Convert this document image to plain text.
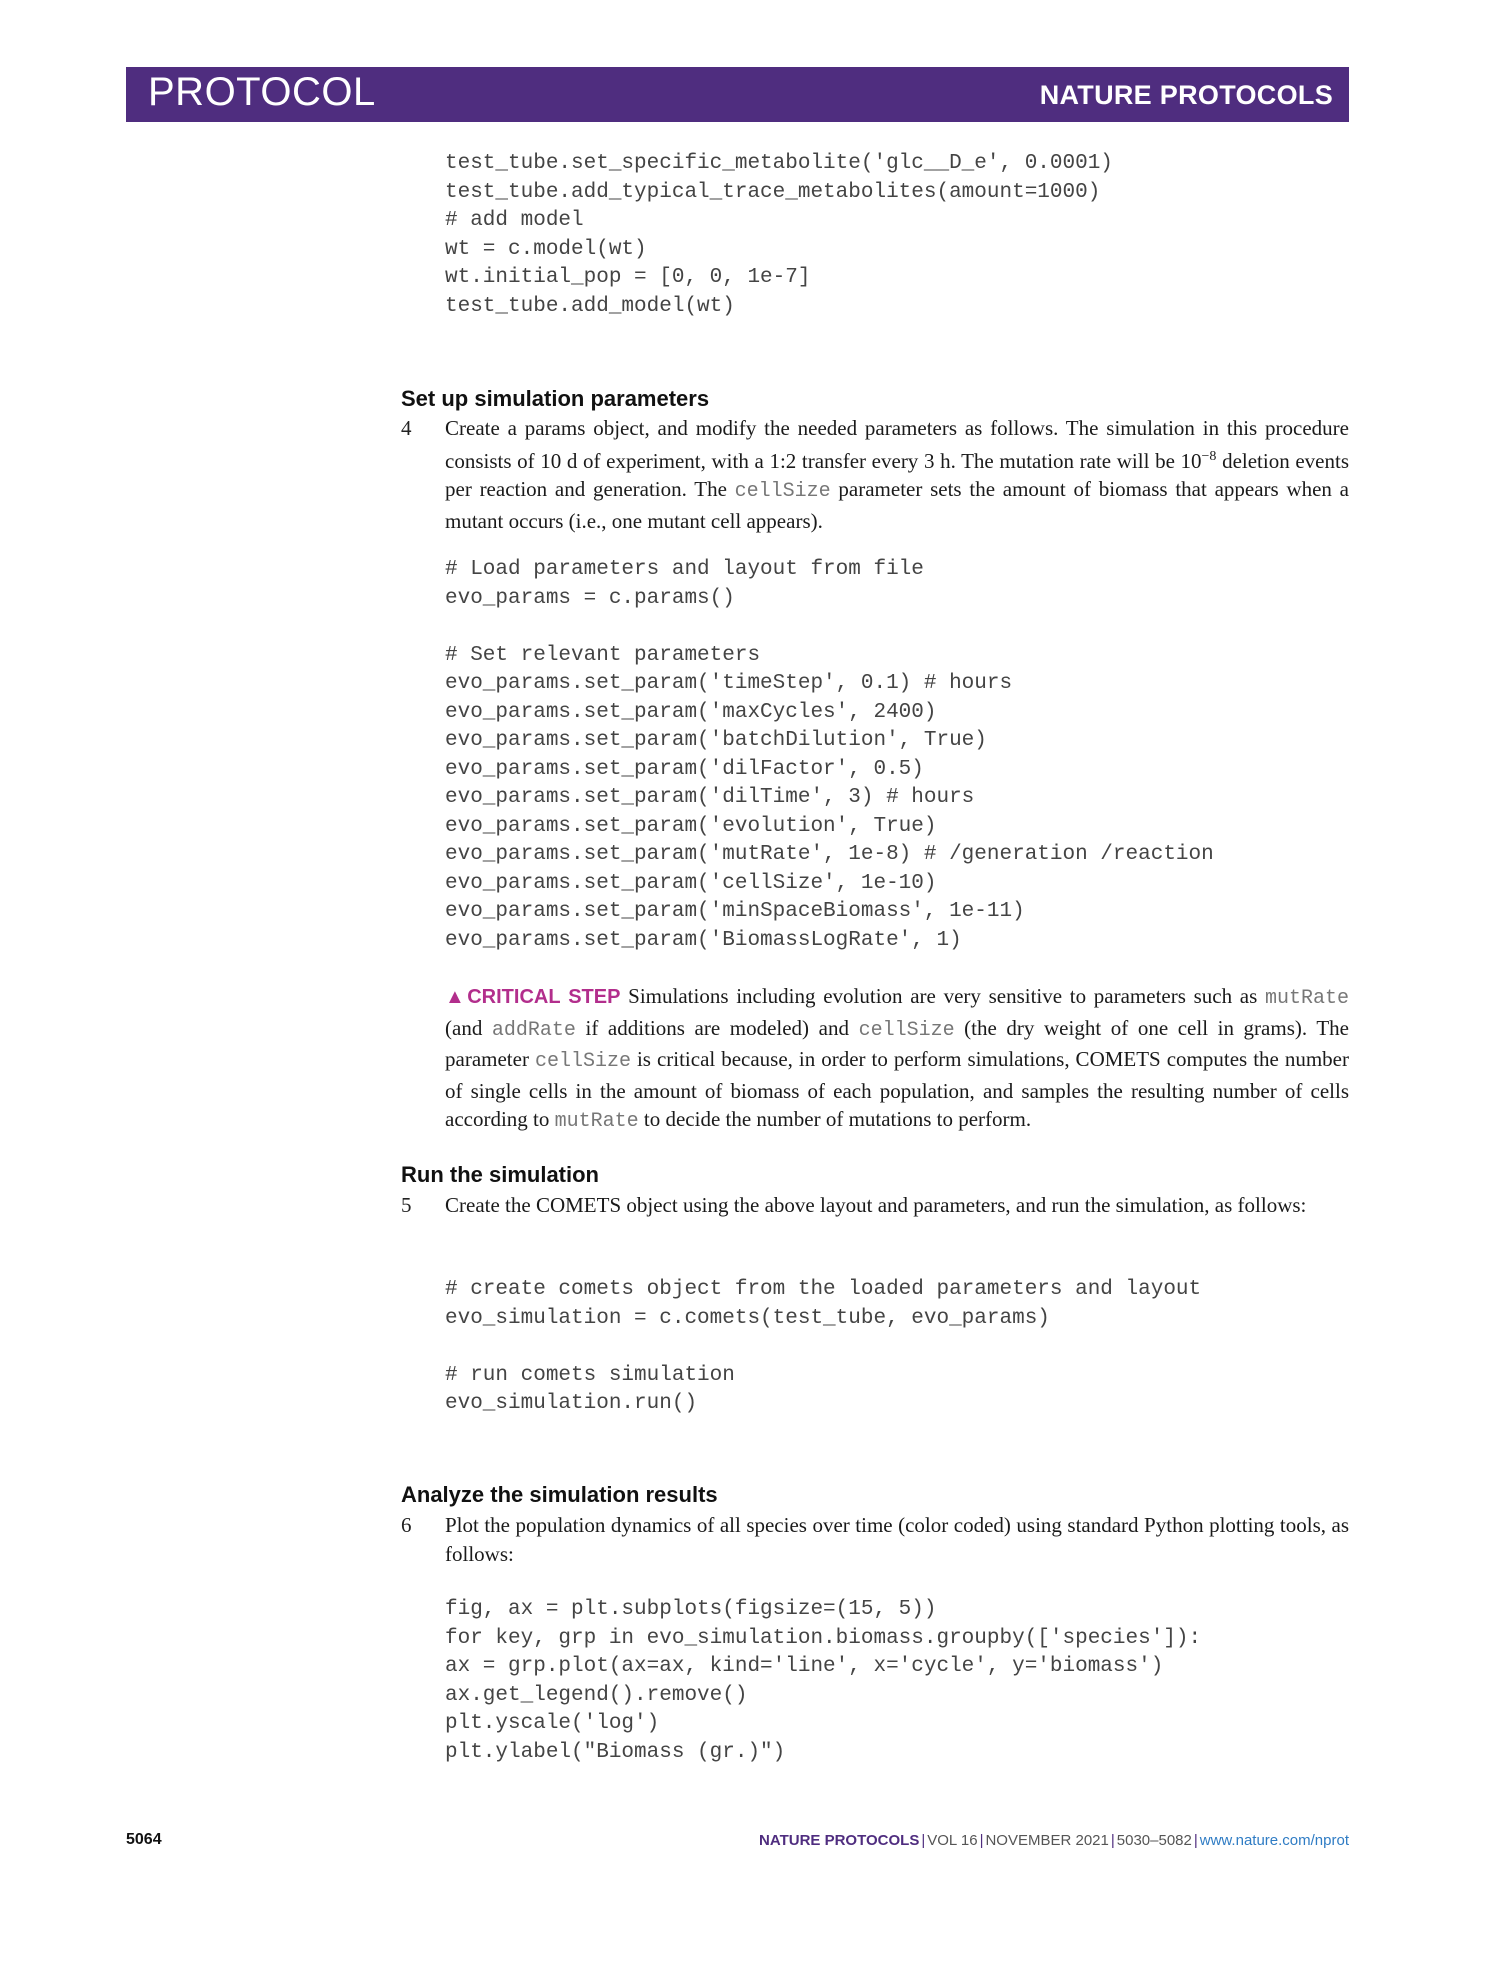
PROTOCOL	NATURE PROTOCOLS
test_tube.set_specific_metabolite('glc__D_e', 0.0001)
test_tube.add_typical_trace_metabolites(amount=1000)
# add model
wt = c.model(wt)
wt.initial_pop = [0, 0, 1e-7]
test_tube.add_model(wt)
Set up simulation parameters
4 Create a params object, and modify the needed parameters as follows. The simulation in this procedure consists of 10 d of experiment, with a 1:2 transfer every 3 h. The mutation rate will be $10^{-8}$ deletion events per reaction and generation. The cellSize parameter sets the amount of biomass that appears when a mutant occurs (i.e., one mutant cell appears).
# Load parameters and layout from file
evo_params = c.params()

# Set relevant parameters
evo_params.set_param('timeStep', 0.1) # hours
evo_params.set_param('maxCycles', 2400)
evo_params.set_param('batchDilution', True)
evo_params.set_param('dilFactor', 0.5)
evo_params.set_param('dilTime', 3) # hours
evo_params.set_param('evolution', True)
evo_params.set_param('mutRate', 1e-8) # /generation /reaction
evo_params.set_param('cellSize', 1e-10)
evo_params.set_param('minSpaceBiomass', 1e-11)
evo_params.set_param('BiomassLogRate', 1)
▲CRITICAL STEP Simulations including evolution are very sensitive to parameters such as mutRate (and addRate if additions are modeled) and cellSize (the dry weight of one cell in grams). The parameter cellSize is critical because, in order to perform simulations, COMETS computes the number of single cells in the amount of biomass of each population, and samples the resulting number of cells according to mutRate to decide the number of mutations to perform.
Run the simulation
5 Create the COMETS object using the above layout and parameters, and run the simulation, as follows:
# create comets object from the loaded parameters and layout
evo_simulation = c.comets(test_tube, evo_params)

# run comets simulation
evo_simulation.run()
Analyze the simulation results
6 Plot the population dynamics of all species over time (color coded) using standard Python plotting tools, as follows:
fig, ax = plt.subplots(figsize=(15, 5))
for key, grp in evo_simulation.biomass.groupby(['species']):
ax = grp.plot(ax=ax, kind='line', x='cycle', y='biomass')
ax.get_legend().remove()
plt.yscale('log')
plt.ylabel("Biomass (gr.)")
5064	NATURE PROTOCOLS | VOL 16 | NOVEMBER 2021 | 5030–5082 | www.nature.com/nprot
